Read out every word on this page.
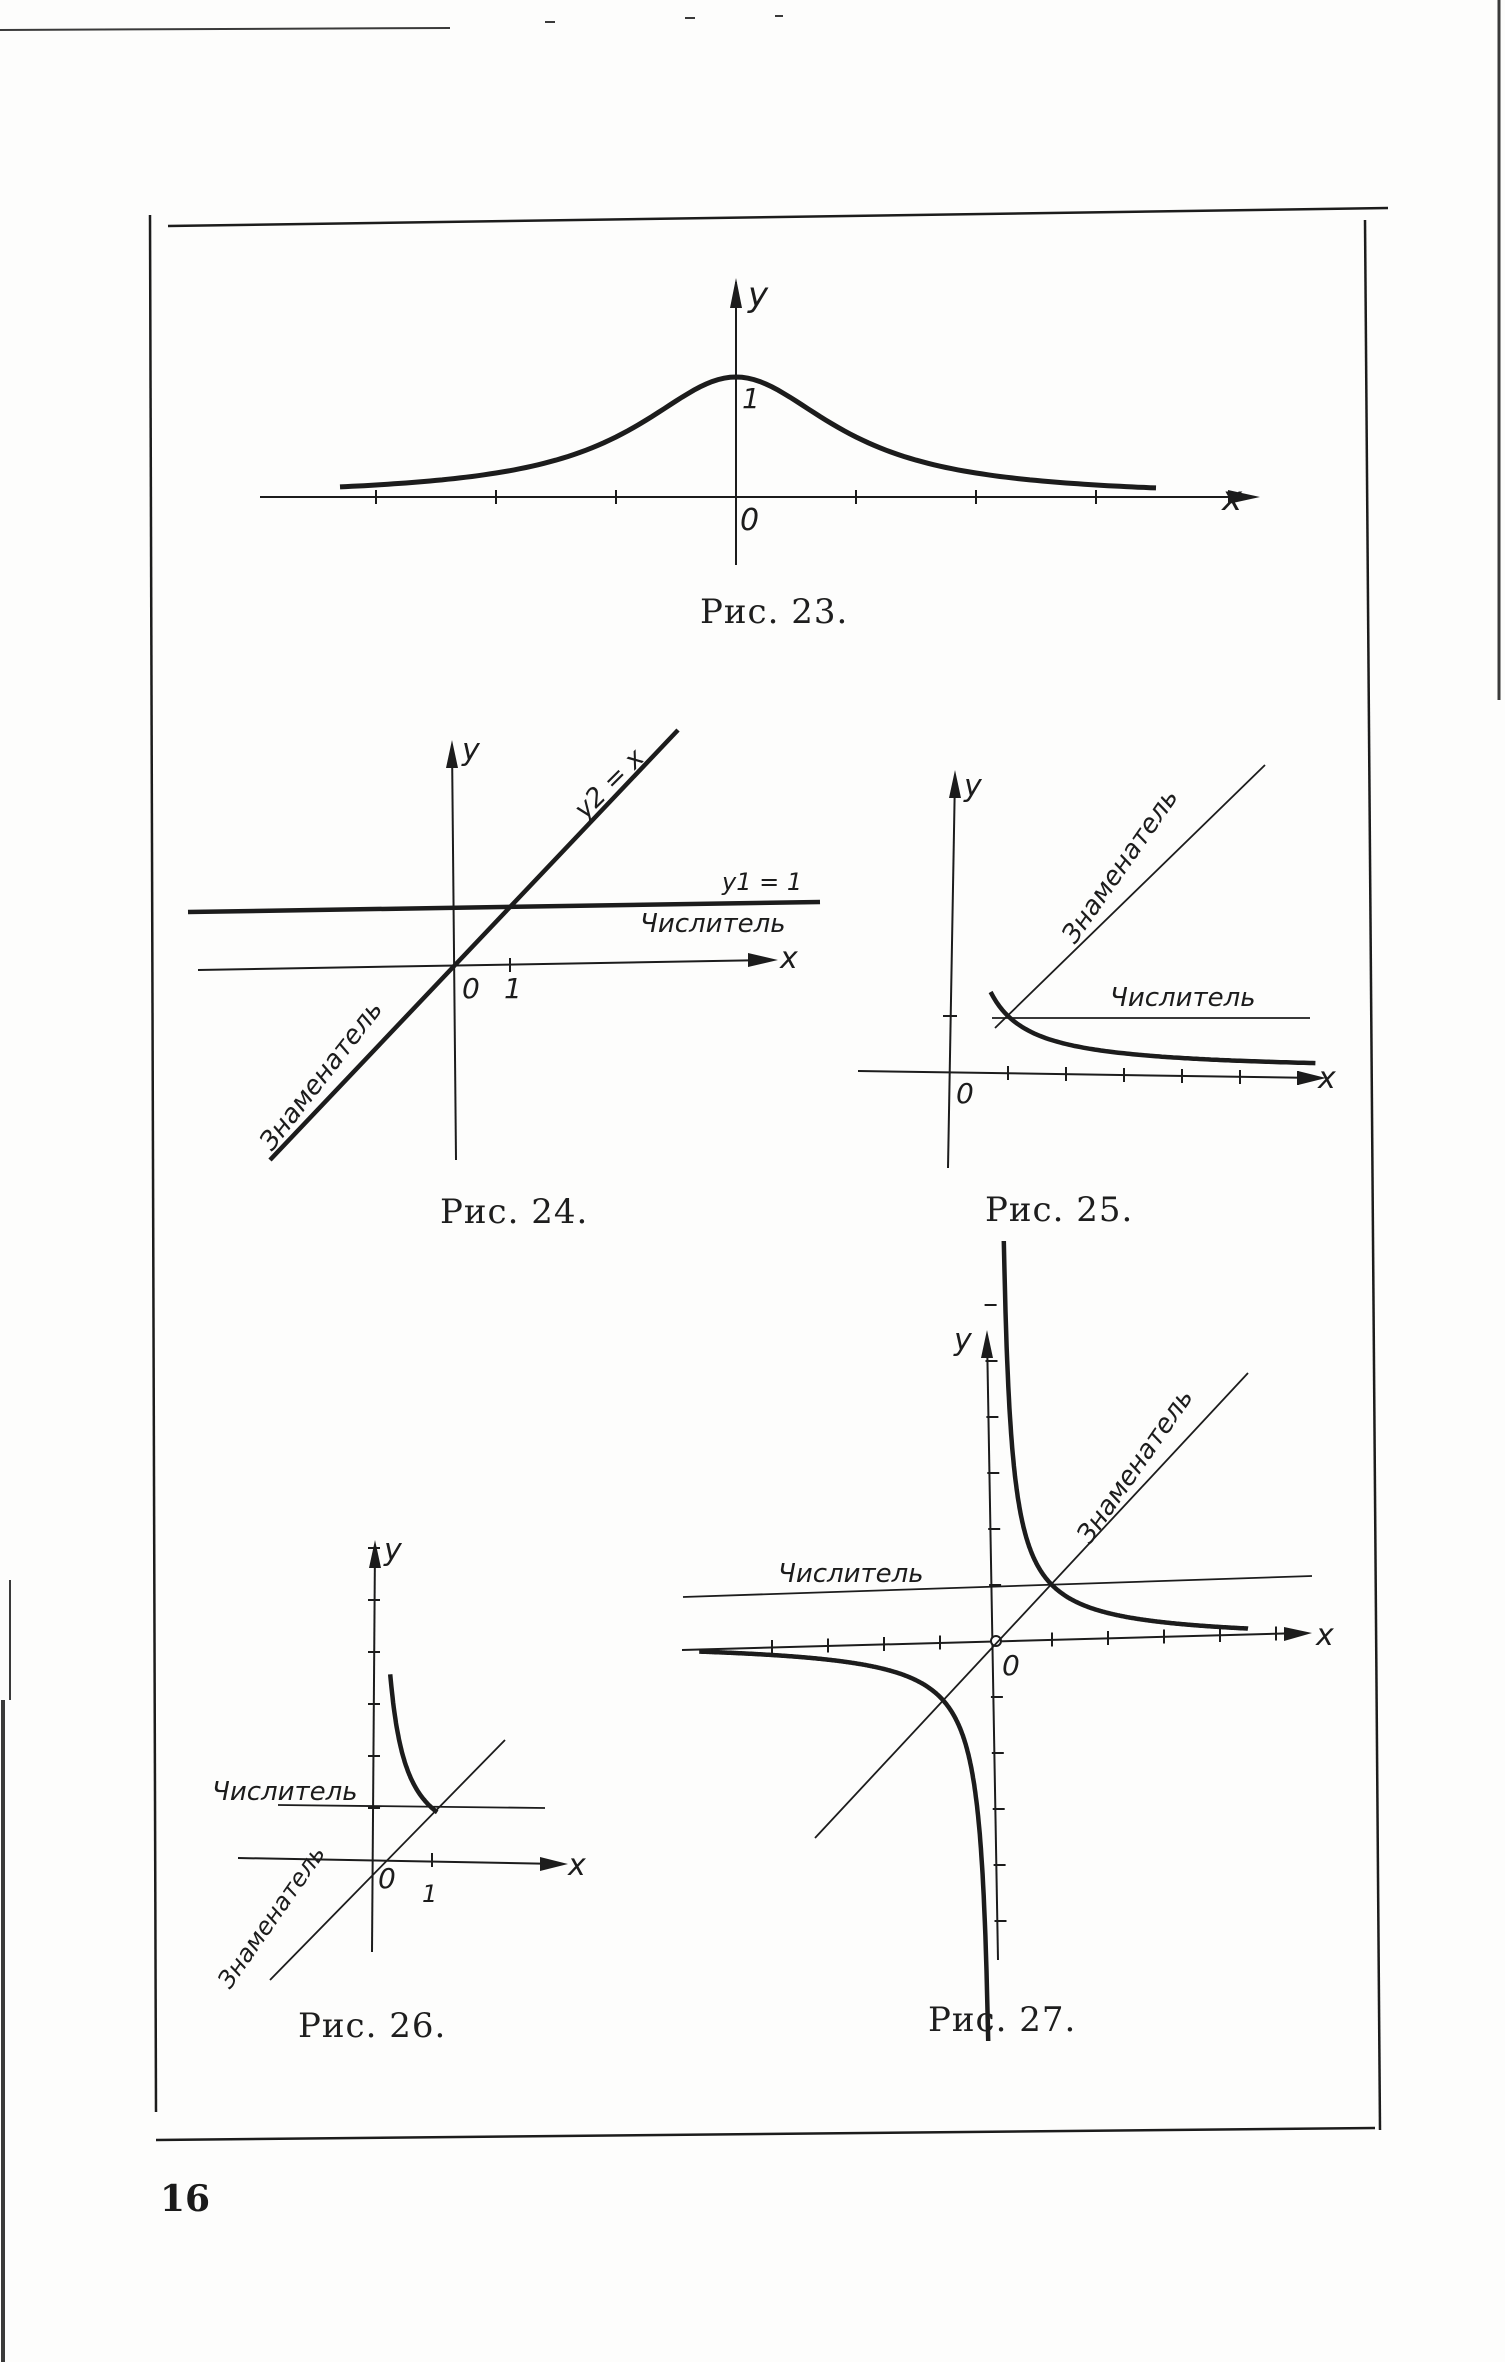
y
x
0
1
y
x
0 1
y1 = 1
y2 = x
Числитель
Знаменатель
y
x
0
Числитель
Знаменатель
y
x
0 1
Числитель
Знаменатель
y
x
0
Числитель
Знаменатель
Рис. 23.
Рис. 24.	Рис. 25.
Рис. 26.	Рис. 27.
16
